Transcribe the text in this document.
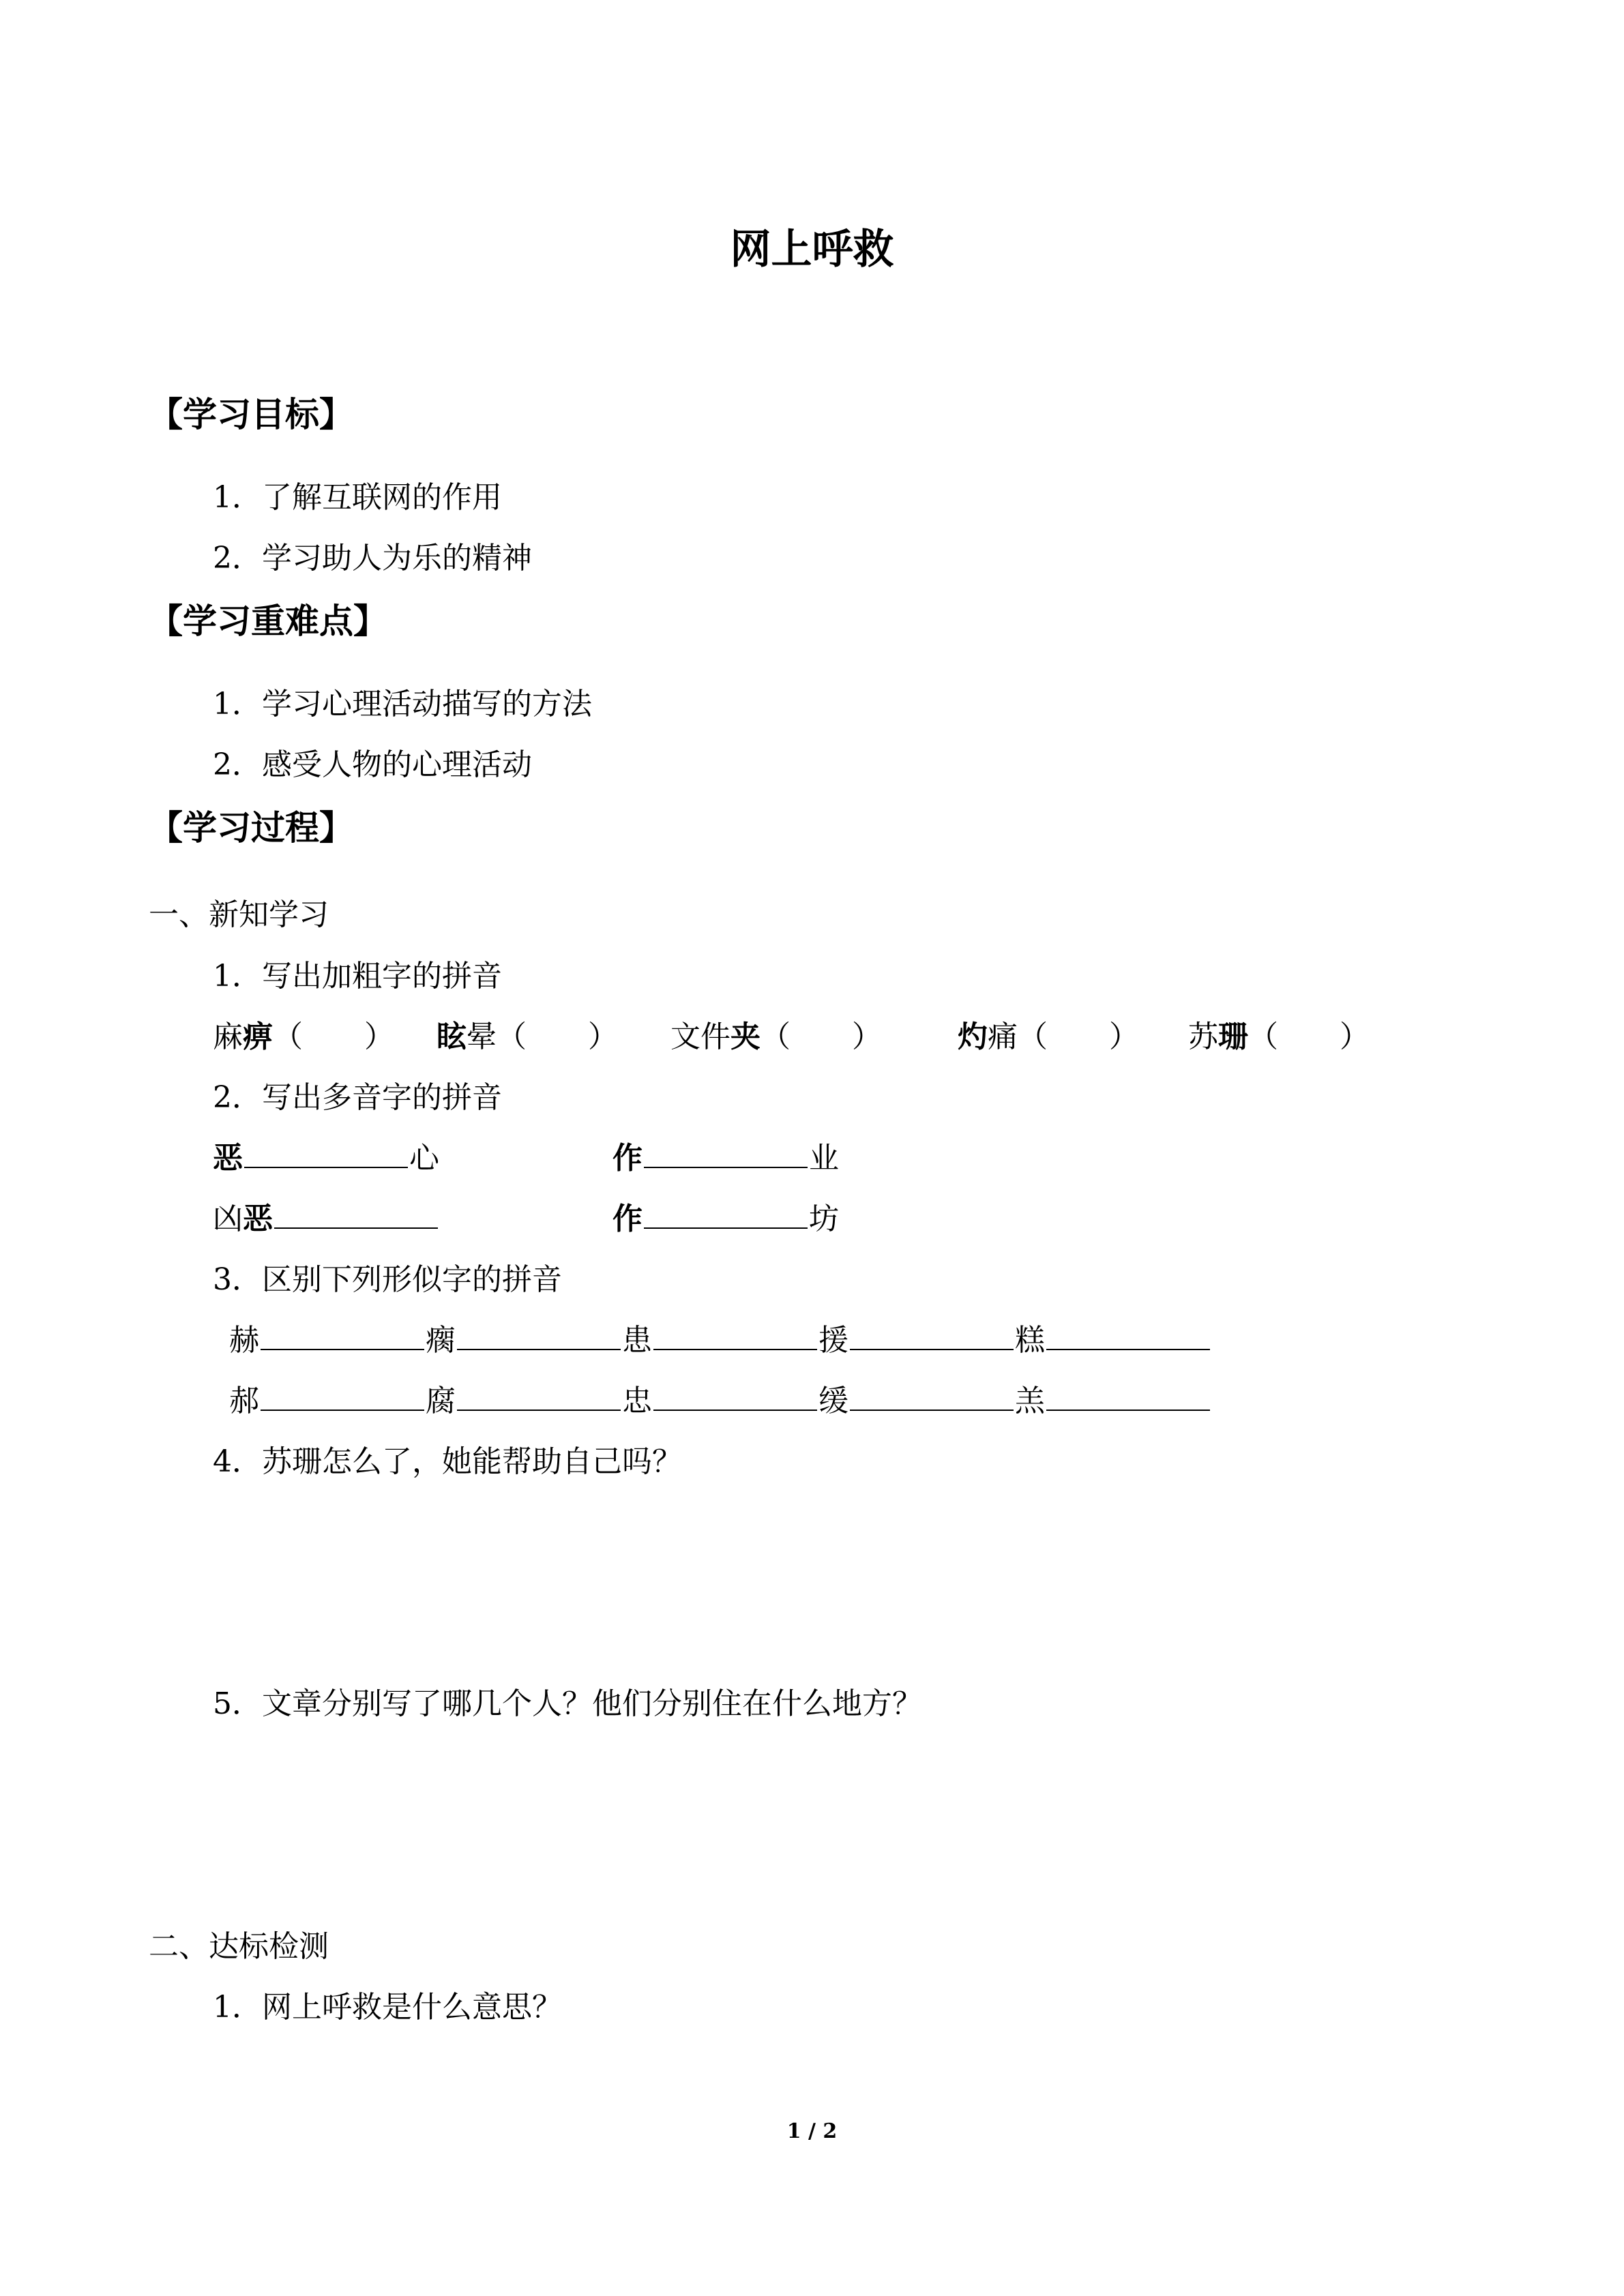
网上呼救
【学习目标】
1．了解互联网的作用
2．学习助人为乐的精神
【学习重难点】
1．学习心理活动描写的方法
2．感受人物的心理活动
【学习过程】
一、新知学习
1．写出加粗字的拼音
麻痹（ ） 眩晕（ ） 文件夹（ ）	灼痛（ ） 苏珊（ ）
2．写出多音字的拼音
恶	心	作	业
凶恶	作	坊
3．区别下列形似字的拼音
赫	瘸	患	援	糕
郝	腐	忠	缓	羔
4．苏珊怎么了，她能帮助自己吗？
5．文章分别写了哪几个人？他们分别住在什么地方？
二、达标检测
1．网上呼救是什么意思？
1 / 2
